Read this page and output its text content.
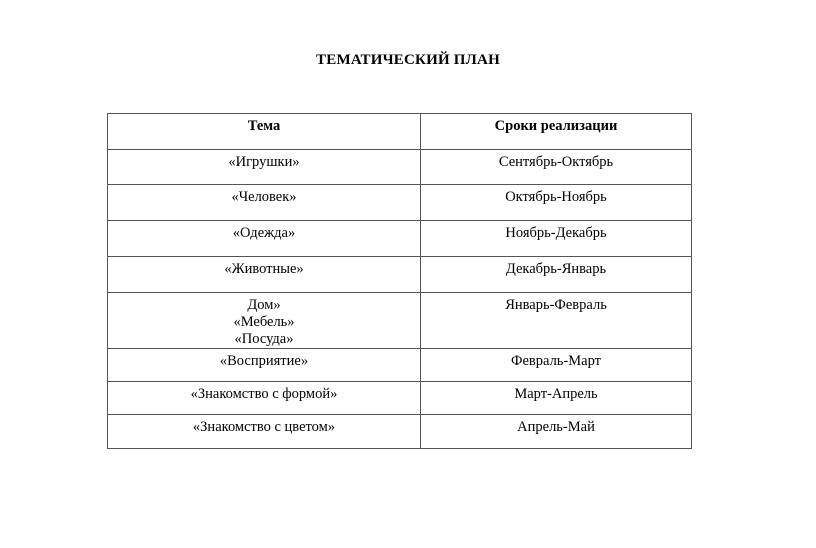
ТЕМАТИЧЕСКИЙ ПЛАН
Тема	Сроки реализации
«Игрушки»	Сентябрь-Октябрь
«Человек»	Октябрь-Ноябрь
«Одежда»	Ноябрь-Декабрь
«Животные»	Декабрь-Январь

Дом»
«Мебель»
«Посуда»	Январь-Февраль
«Восприятие»	Февраль-Март
«Знакомство с формой»	Март-Апрель
«Знакомство с цветом»	Апрель-Май
